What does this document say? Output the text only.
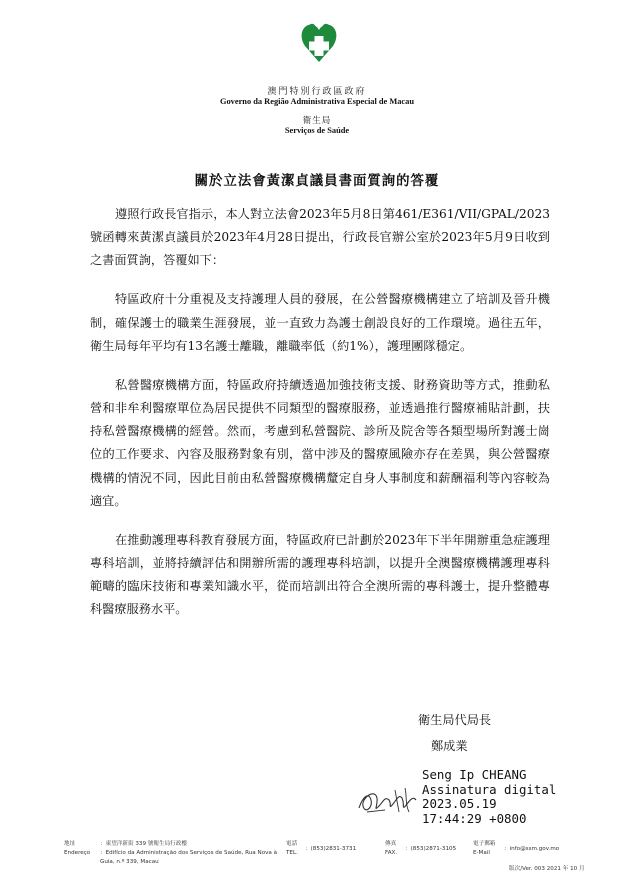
澳門特別行政區政府
Governo da Região Administrativa Especial de Macau
衛生局
Serviços de Saúde
關於立法會黃潔貞議員書面質詢的答覆

遵照行政長官指示，本人對立法會2023年5月8日第461/E361/VII/GPAL/2023號函轉來黃潔貞議員於2023年4月28日提出，行政長官辦公室於2023年5月9日收到之書面質詢，答覆如下：

特區政府十分重視及支持護理人員的發展，在公營醫療機構建立了培訓及晉升機制，確保護士的職業生涯發展，並一直致力為護士創設良好的工作環境。過往五年，衛生局每年平均有13名護士離職，離職率低（約1%），護理團隊穩定。

私營醫療機構方面，特區政府持續透過加強技術支援、財務資助等方式，推動私營和非牟利醫療單位為居民提供不同類型的醫療服務，並透過推行醫療補貼計劃，扶持私營醫療機構的經營。然而，考慮到私營醫院、診所及院舍等各類型場所對護士崗位的工作要求、內容及服務對象有別，當中涉及的醫療風險亦存在差異，與公營醫療機構的情況不同，因此目前由私營醫療機構釐定自身人事制度和薪酬福利等內容較為適宜。

在推動護理專科教育發展方面，特區政府已計劃於2023年下半年開辦重急症護理專科培訓，並將持續評估和開辦所需的護理專科培訓，以提升全澳醫療機構護理專科範疇的臨床技術和專業知識水平，從而培訓出符合全澳所需的專科護士，提升整體專科醫療服務水平。

衛生局代局長
鄭成業
Seng Ip CHEANG
Assinatura digital
2023.05.19
17:44:29 +0800
地址
Endereço
：東望洋新街 339 號衛生局行政樓
：Edifício da Administração dos Serviços de Saúde, Rua Nova à
Guia, n.º 339, Macau
電話
TEL.
：(853)2831-3731
傳真
FAX.
：(853)2871-3105
電子郵箱
E-Mail
：info@ssm.gov.mo
版次/Ver. 003 2021 年 10 月
